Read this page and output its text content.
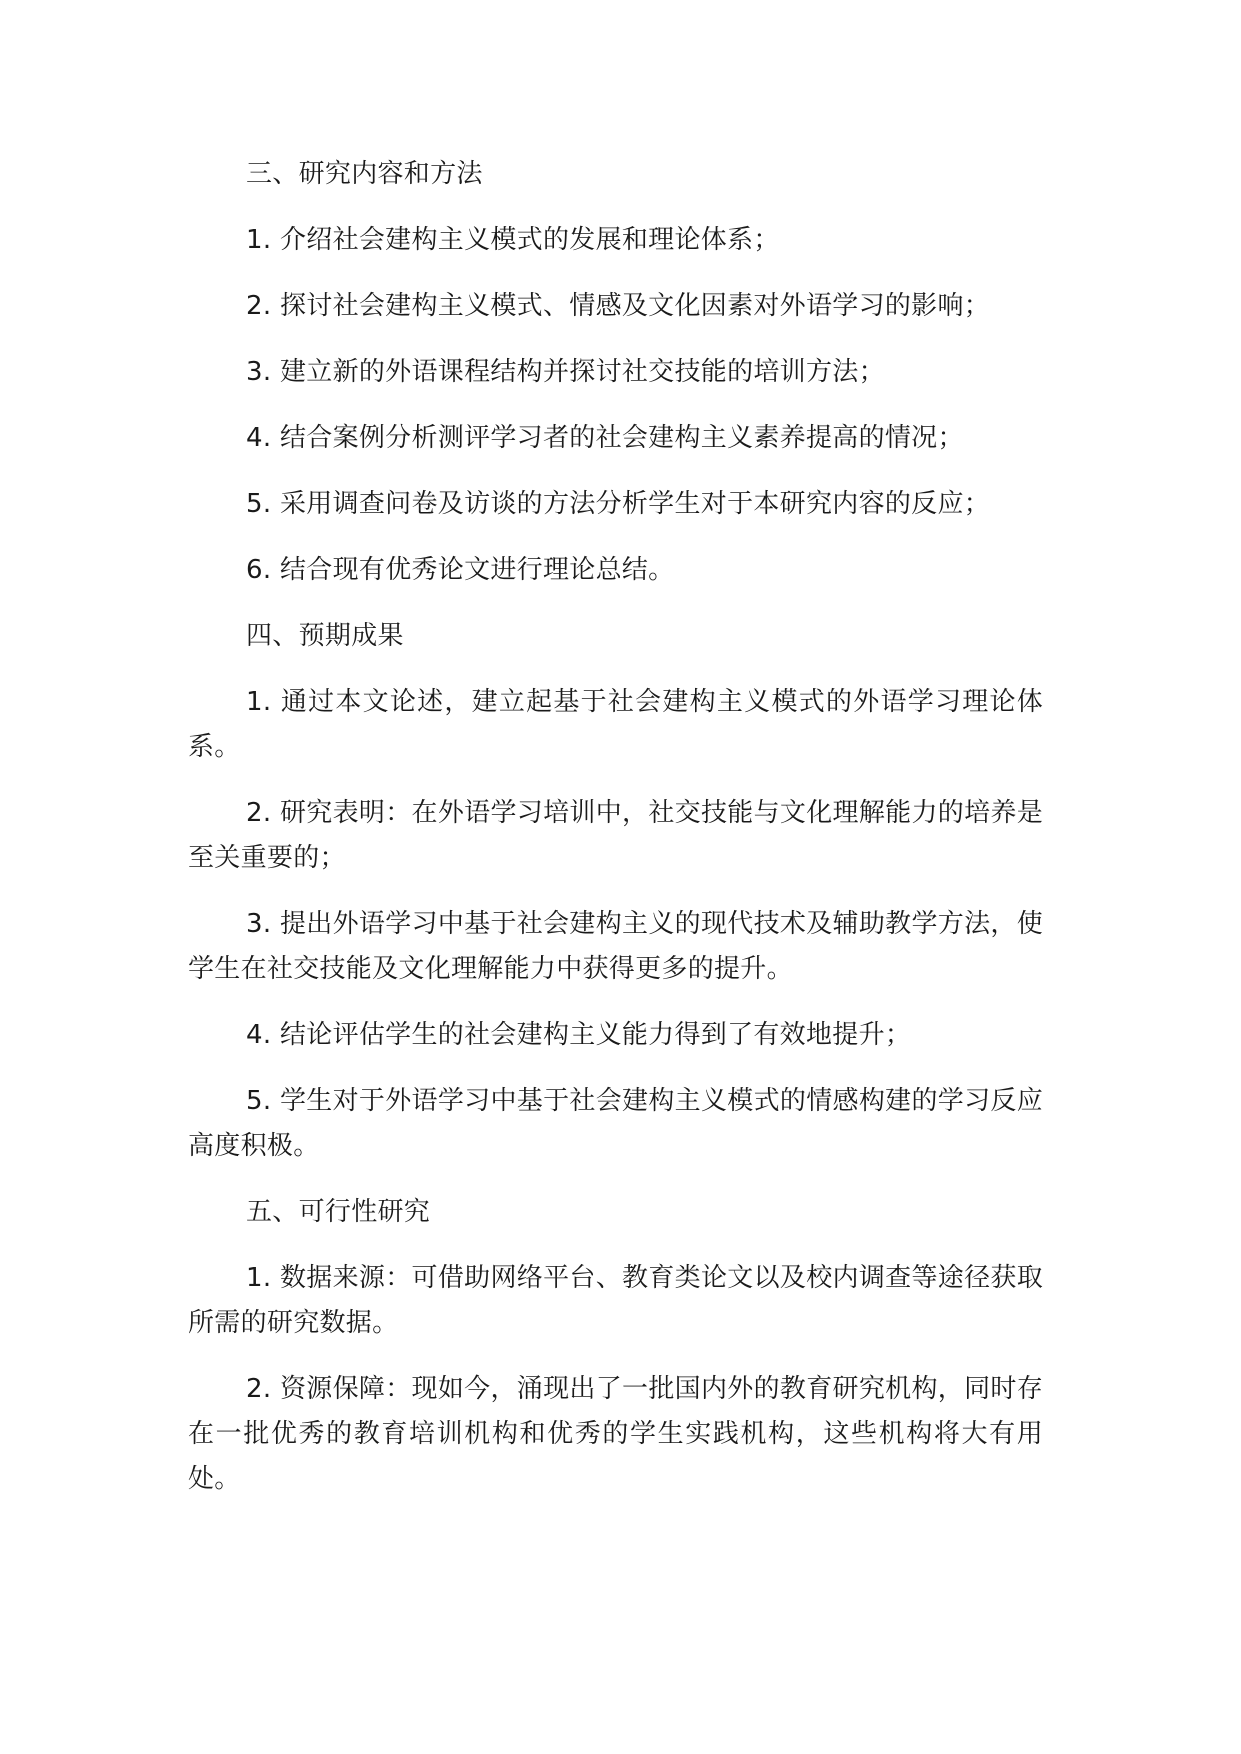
三、研究内容和方法

1. 介绍社会建构主义模式的发展和理论体系；

2. 探讨社会建构主义模式、情感及文化因素对外语学习的影响；

3. 建立新的外语课程结构并探讨社交技能的培训方法；

4. 结合案例分析测评学习者的社会建构主义素养提高的情况；

5. 采用调查问卷及访谈的方法分析学生对于本研究内容的反应；

6. 结合现有优秀论文进行理论总结。

四、预期成果

1. 通过本文论述，建立起基于社会建构主义模式的外语学习理论体系。

2. 研究表明：在外语学习培训中，社交技能与文化理解能力的培养是至关重要的；

3. 提出外语学习中基于社会建构主义的现代技术及辅助教学方法，使学生在社交技能及文化理解能力中获得更多的提升。

4. 结论评估学生的社会建构主义能力得到了有效地提升；

5. 学生对于外语学习中基于社会建构主义模式的情感构建的学习反应高度积极。

五、可行性研究

1. 数据来源：可借助网络平台、教育类论文以及校内调查等途径获取所需的研究数据。

2. 资源保障：现如今，涌现出了一批国内外的教育研究机构，同时存在一批优秀的教育培训机构和优秀的学生实践机构，这些机构将大有用处。
